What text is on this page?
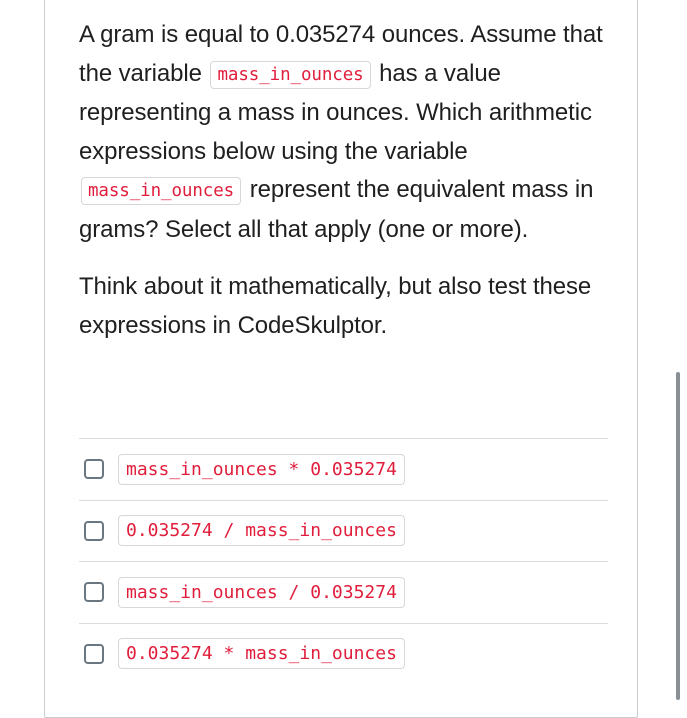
A gram is equal to 0.035274 ounces. Assume that the variable mass_in_ounces has a value representing a mass in ounces. Which arithmetic expressions below using the variable mass_in_ounces represent the equivalent mass in grams? Select all that apply (one or more).

Think about it mathematically, but also test these expressions in CodeSkulptor.

mass_in_ounces * 0.035274
0.035274 / mass_in_ounces
mass_in_ounces / 0.035274
0.035274 * mass_in_ounces
